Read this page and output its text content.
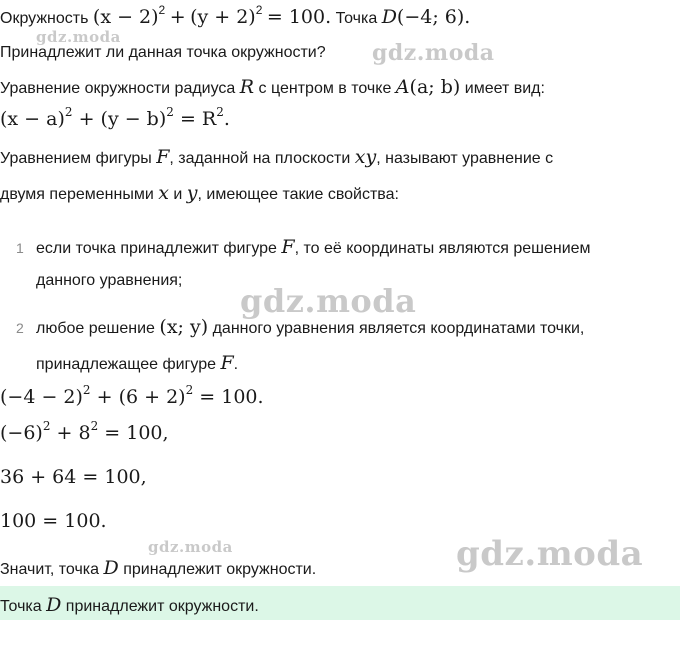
Окружность $(x - 2)^2 + (y + 2)^2 = 100$. Точка D(−4; 6).
Принадлежит ли данная точка окружности?
Уравнение окружности радиуса R с центром в точке A(a; b) имеет вид:
$(x - a)^2 + (y - b)^2 = R^2$.
Уравнением фигуры F, заданной на плоскости xy, называют уравнение с
двумя переменными x и y, имеющее такие свойства:
1 если точка принадлежит фигуре F, то её координаты являются решением
данного уравнения;
2 любое решение (x; y) данного уравнения является координатами точки,
принадлежащее фигуре F.
$(-4 - 2)^2 + (6 + 2)^2 = 100$.
$(-6)^2 + 8^2 = 100$,
36 + 64 = 100,
100 = 100.
Значит, точка D принадлежит окружности.
Точка D принадлежит окружности.
gdz.moda
gdz.moda
gdz.moda
gdz.moda	gdz.moda
